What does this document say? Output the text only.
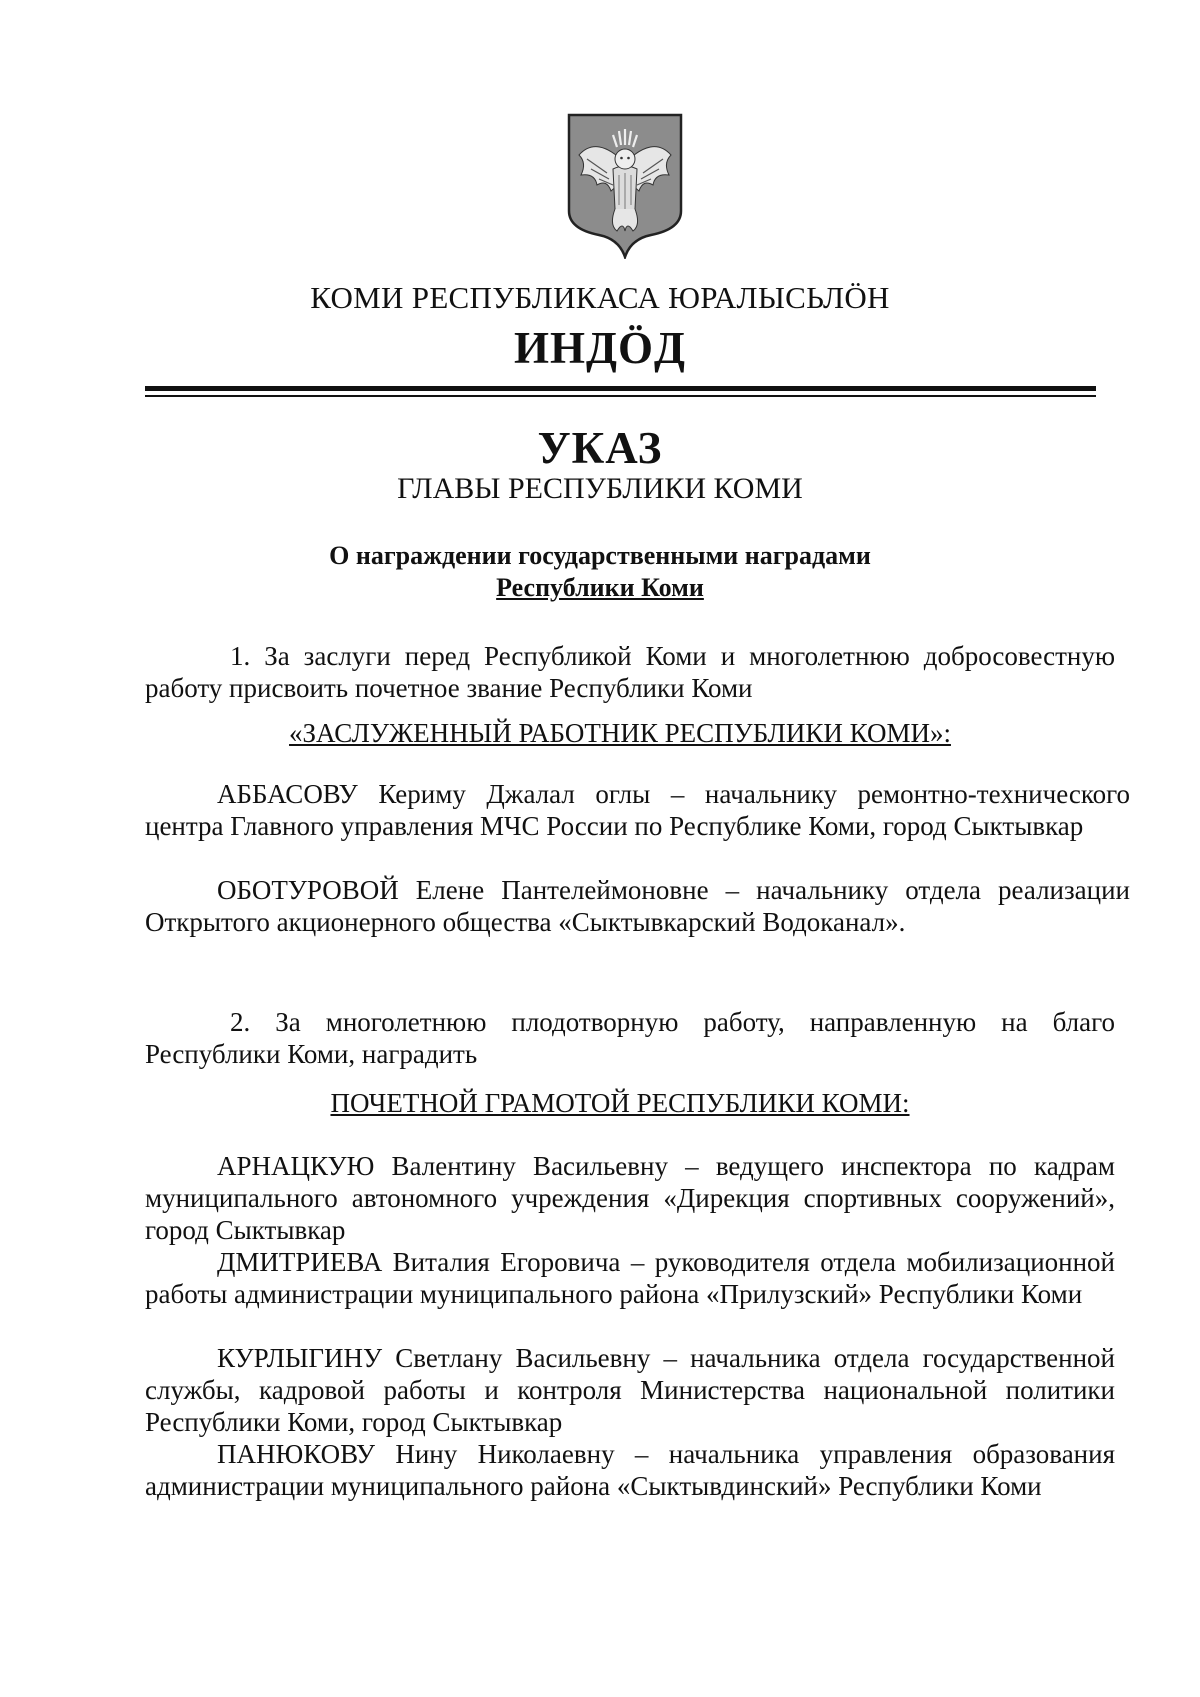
КОМИ РЕСПУБЛИКАСА ЮРАЛЫСЬЛӦН
ИНДӦД
УКАЗ
ГЛАВЫ РЕСПУБЛИКИ КОМИ
О награждении государственными наградами
Республики Коми
1. За заслуги перед Республикой Коми и многолетнюю добросовестную работу присвоить почетное звание Республики Коми
«ЗАСЛУЖЕННЫЙ РАБОТНИК РЕСПУБЛИКИ КОМИ»:
АББАСОВУ Кериму Джалал оглы – начальнику ремонтно-технического центра Главного управления МЧС России по Республике Коми, город Сыктывкар
ОБОТУРОВОЙ Елене Пантелеймоновне – начальнику отдела реализации Открытого акционерного общества «Сыктывкарский Водоканал».
2. За многолетнюю плодотворную работу, направленную на благо Республики Коми, наградить
ПОЧЕТНОЙ ГРАМОТОЙ РЕСПУБЛИКИ КОМИ:
АРНАЦКУЮ Валентину Васильевну – ведущего инспектора по кадрам муниципального автономного учреждения «Дирекция спортивных сооружений», город Сыктывкар
ДМИТРИЕВА Виталия Егоровича – руководителя отдела мобилизационной работы администрации муниципального района «Прилузский» Республики Коми
КУРЛЫГИНУ Светлану Васильевну – начальника отдела государственной службы, кадровой работы и контроля Министерства национальной политики Республики Коми, город Сыктывкар
ПАНЮКОВУ Нину Николаевну – начальника управления образования администрации муниципального района «Сыктывдинский» Республики Коми
